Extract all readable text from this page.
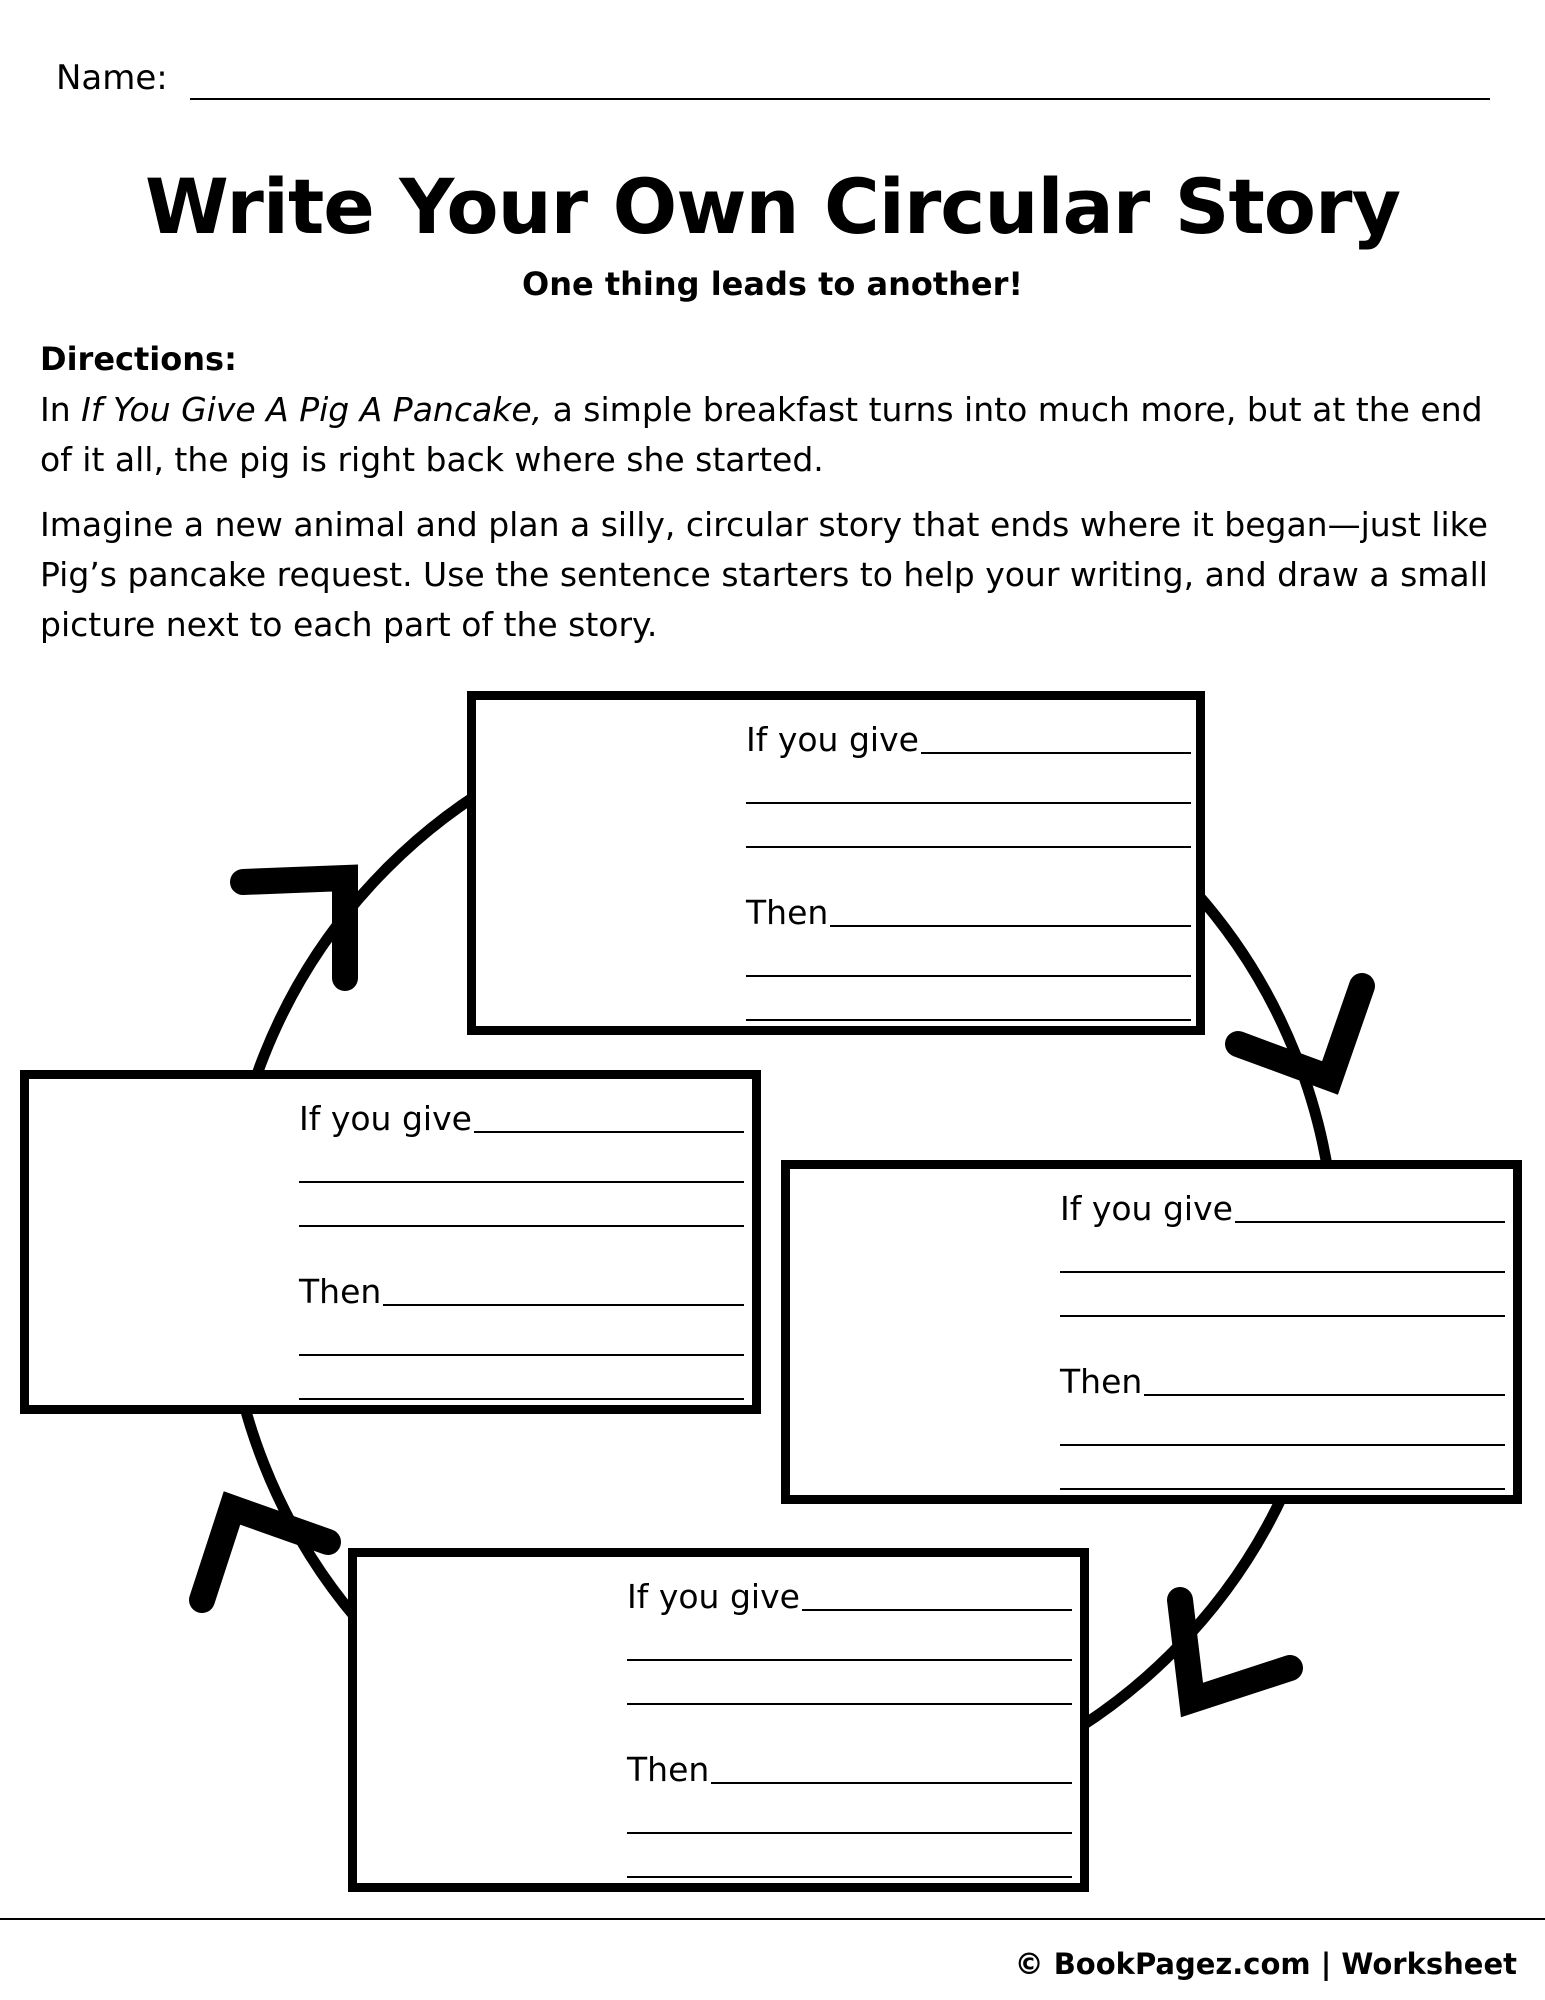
Name:
Write Your Own Circular Story
One thing leads to another!
Directions:
In If You Give A Pig A Pancake, a simple breakfast turns into much more, but at the end of it all, the pig is right back where she started.
Imagine a new animal and plan a silly, circular story that ends where it began—just like Pig’s pancake request. Use the sentence starters to help your writing, and draw a small picture next to each part of the story.
If you give
Then
If you give
Then
If you give
Then
If you give
Then
© BookPagez.com | Worksheet
